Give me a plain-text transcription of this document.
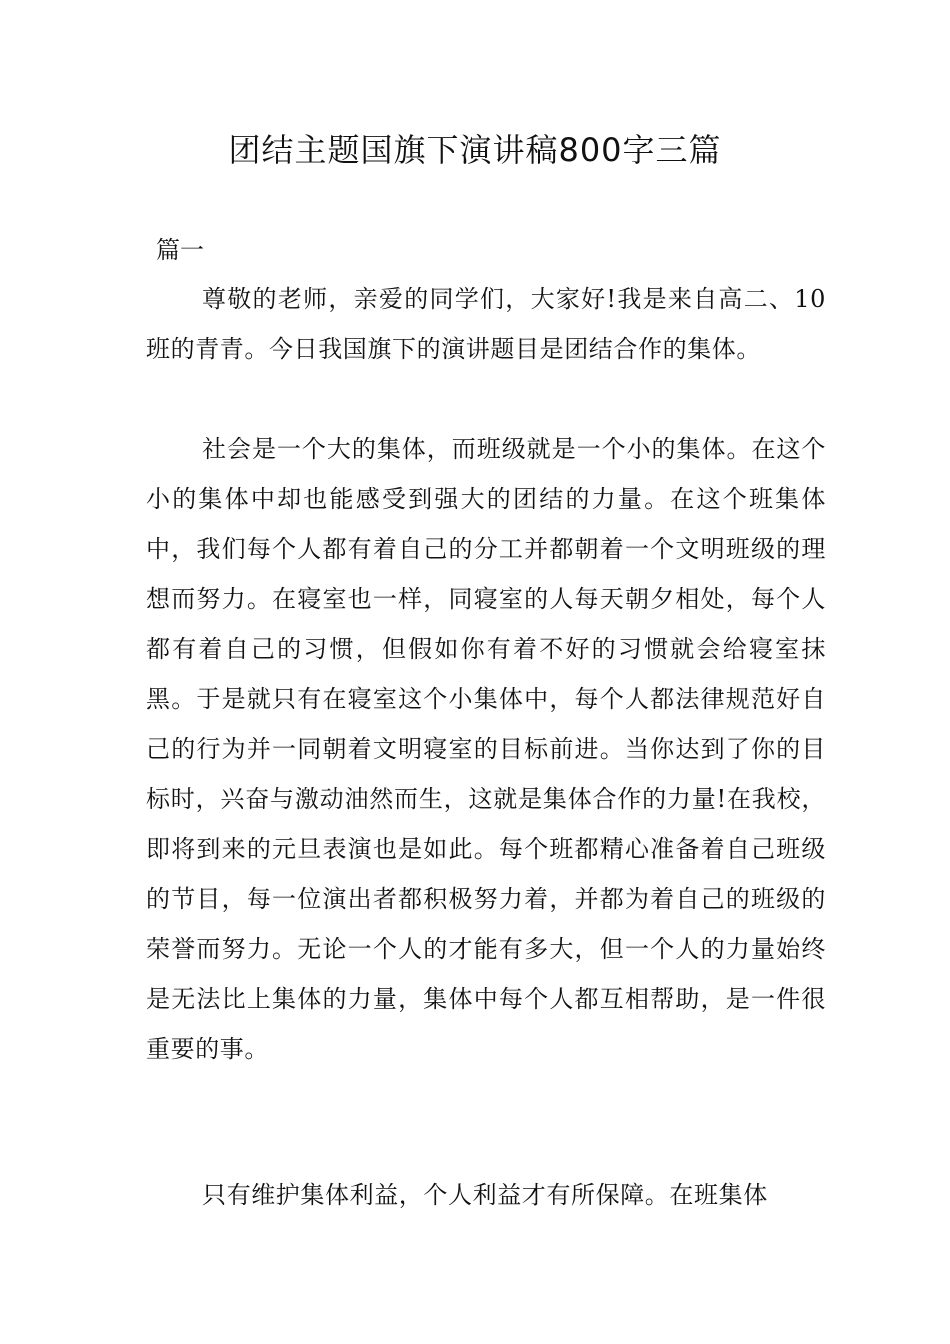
团结主题国旗下演讲稿800字三篇

篇一

尊敬的老师，亲爱的同学们，大家好!我是来自高二、10班的青青。今日我国旗下的演讲题目是团结合作的集体。

社会是一个大的集体，而班级就是一个小的集体。在这个小的集体中却也能感受到强大的团结的力量。在这个班集体中，我们每个人都有着自己的分工并都朝着一个文明班级的理想而努力。在寝室也一样，同寝室的人每天朝夕相处，每个人都有着自己的习惯，但假如你有着不好的习惯就会给寝室抹黑。于是就只有在寝室这个小集体中，每个人都法律规范好自己的行为并一同朝着文明寝室的目标前进。当你达到了你的目标时，兴奋与激动油然而生，这就是集体合作的力量!在我校，即将到来的元旦表演也是如此。每个班都精心准备着自己班级的节目，每一位演出者都积极努力着，并都为着自己的班级的荣誉而努力。无论一个人的才能有多大，但一个人的力量始终是无法比上集体的力量，集体中每个人都互相帮助，是一件很重要的事。

只有维护集体利益，个人利益才有所保障。在班集体
